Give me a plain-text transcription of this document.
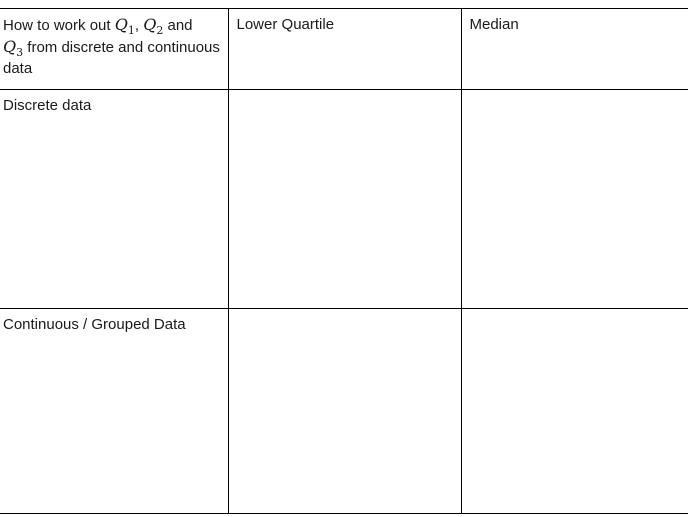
How to work out $Q_1$, $Q_2$ and
$Q_3$ from discrete and continuous data	Lower Quartile	Median
Discrete data		
Continuous / Grouped Data		
